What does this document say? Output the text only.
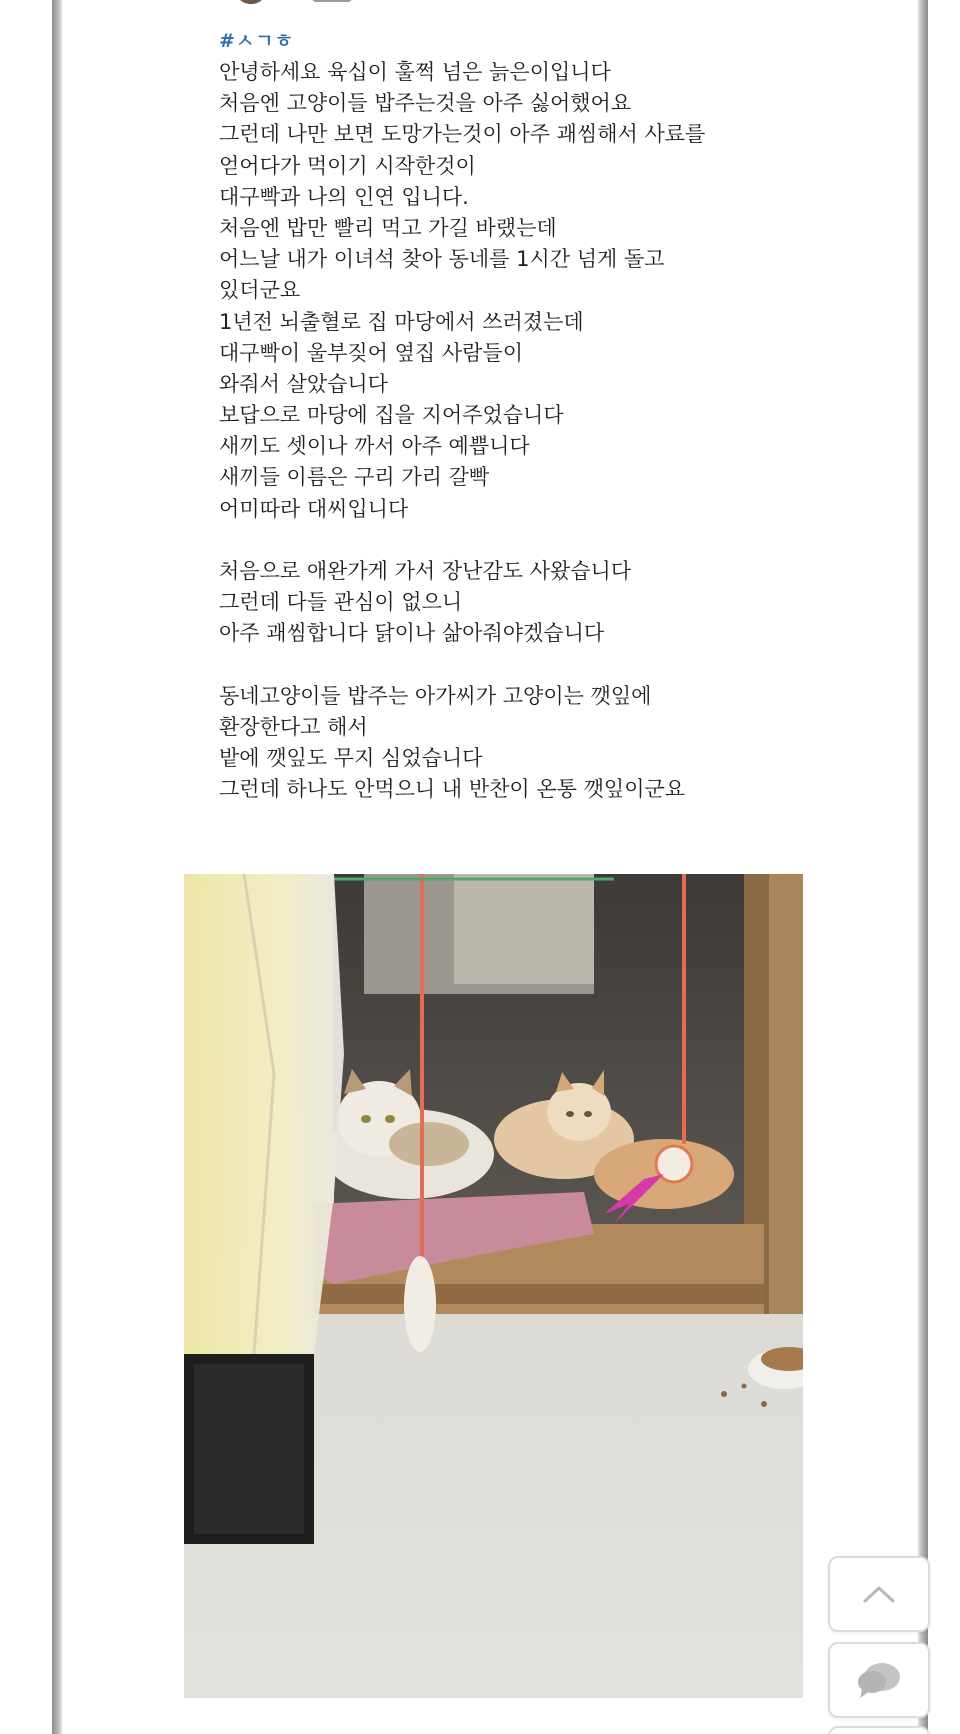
#ㅅㄱㅎ
안녕하세요 육십이 훌쩍 넘은 늙은이입니다
처음엔 고양이들 밥주는것을 아주 싫어했어요
그런데 나만 보면 도망가는것이 아주 괘씸해서 사료를
얻어다가 먹이기 시작한것이
대구빡과 나의 인연 입니다.
처음엔 밥만 빨리 먹고 가길 바랬는데
어느날 내가 이녀석 찾아 동네를 1시간 넘게 돌고
있더군요
1년전 뇌출혈로 집 마당에서 쓰러졌는데
대구빡이 울부짖어 옆집 사람들이
와줘서 살았습니다
보답으로 마당에 집을 지어주었습니다
새끼도 셋이나 까서 아주 예쁩니다
새끼들 이름은 구리 가리 갈빡
어미따라 대씨입니다
처음으로 애완가게 가서 장난감도 사왔습니다
그런데 다들 관심이 없으니
아주 괘씸합니다 닭이나 삶아줘야겠습니다
동네고양이들 밥주는 아가씨가 고양이는 깻잎에
환장한다고 해서
밭에 깻잎도 무지 심었습니다
그런데 하나도 안먹으니 내 반찬이 온통 깻잎이군요
